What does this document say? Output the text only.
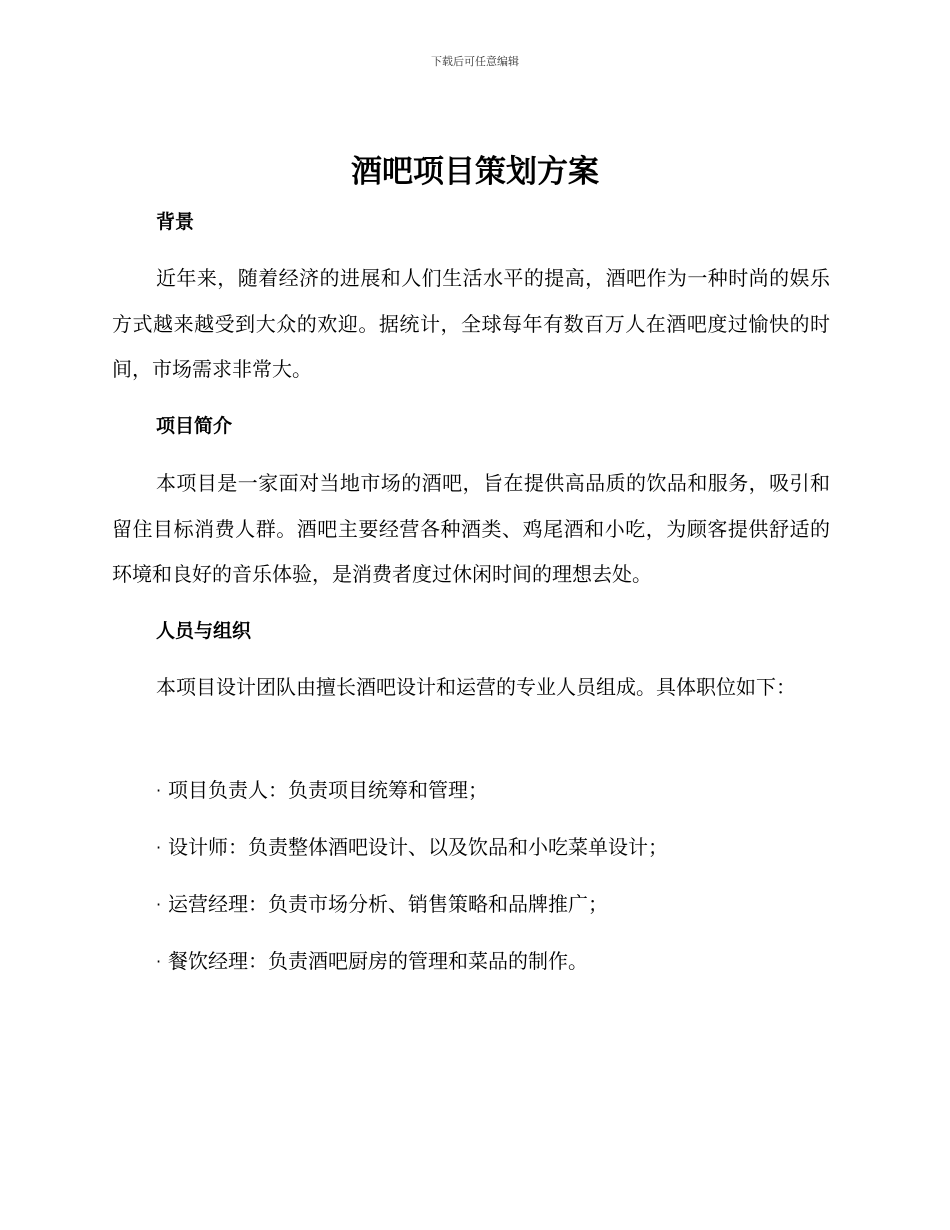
下载后可任意编辑
酒吧项目策划方案
背景

近年来，随着经济的进展和人们生活水平的提高，酒吧作为一种时尚的娱乐方式越来越受到大众的欢迎。据统计，全球每年有数百万人在酒吧度过愉快的时间，市场需求非常大。

项目简介

本项目是一家面对当地市场的酒吧，旨在提供高品质的饮品和服务，吸引和留住目标消费人群。酒吧主要经营各种酒类、鸡尾酒和小吃，为顾客提供舒适的环境和良好的音乐体验，是消费者度过休闲时间的理想去处。

人员与组织

本项目设计团队由擅长酒吧设计和运营的专业人员组成。具体职位如下：

· 项目负责人：负责项目统筹和管理；
· 设计师：负责整体酒吧设计、以及饮品和小吃菜单设计；
· 运营经理：负责市场分析、销售策略和品牌推广；
· 餐饮经理：负责酒吧厨房的管理和菜品的制作。
